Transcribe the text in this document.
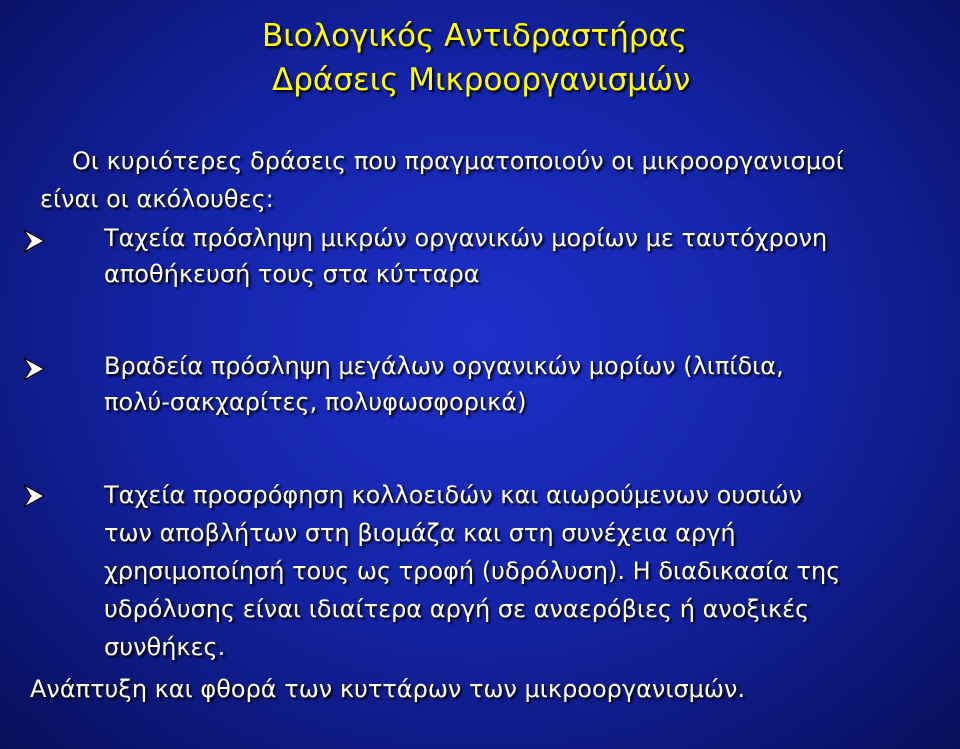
Βιολογικός Αντιδραστήρας
Δράσεις Μικροοργανισμών
Οι κυριότερες δράσεις που πραγματοποιούν οι μικροοργανισμοί
είναι οι ακόλουθες:
Ταχεία πρόσληψη μικρών οργανικών μορίων με ταυτόχρονη
αποθήκευσή τους στα κύτταρα
Βραδεία πρόσληψη μεγάλων οργανικών μορίων (λιπίδια,
πολύ-σακχαρίτες, πολυφωσφορικά)
Ταχεία προσρόφηση κολλοειδών και αιωρούμενων ουσιών
των αποβλήτων στη βιομάζα και στη συνέχεια αργή
χρησιμοποίησή τους ως τροφή (υδρόλυση). Η διαδικασία της
υδρόλυσης είναι ιδιαίτερα αργή σε αναερόβιες ή ανοξικές
συνθήκες.
Ανάπτυξη και φθορά των κυττάρων των μικροοργανισμών.
